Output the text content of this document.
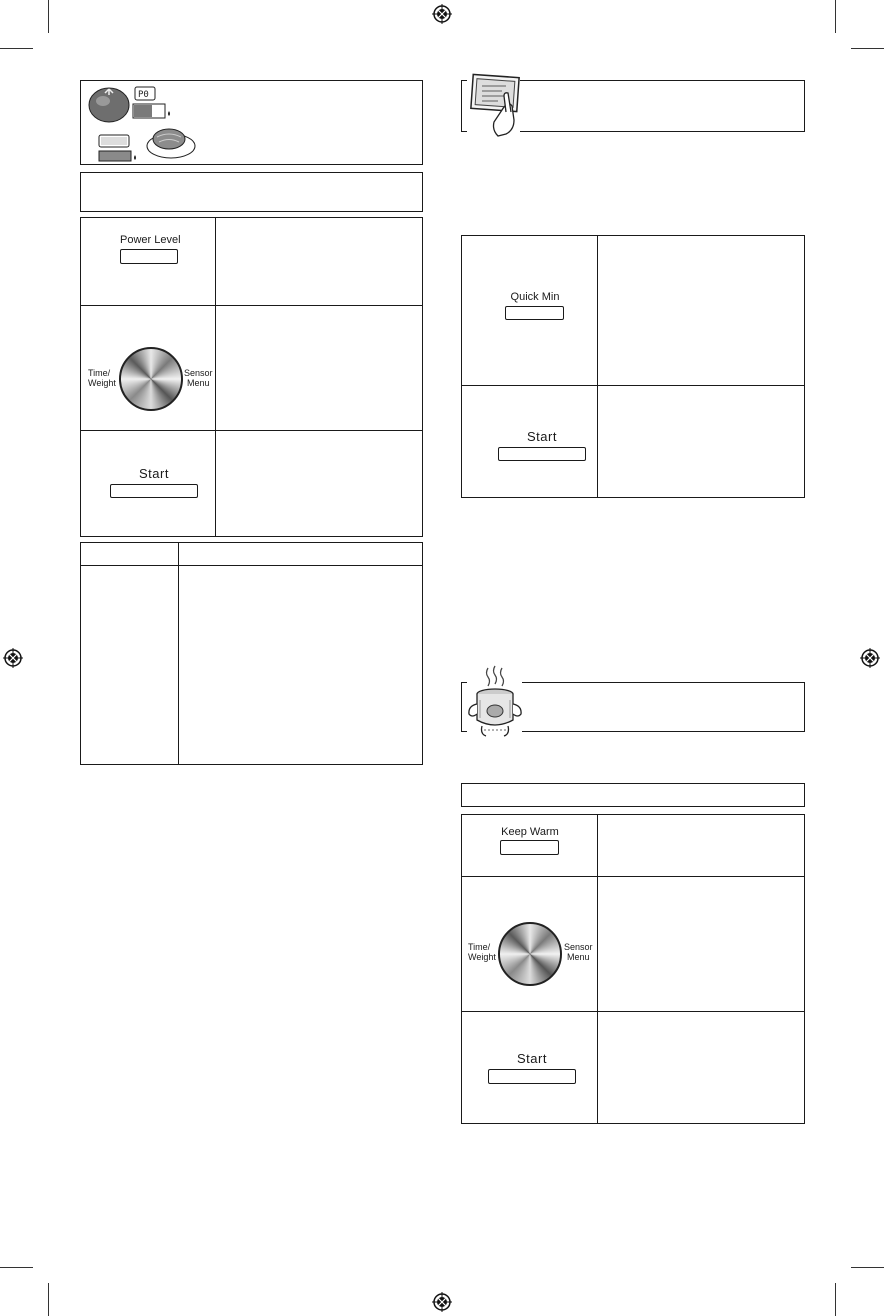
P0
Power Level
Time/
Weight
Sensor
Menu
Start
Quick Min
Start
Keep Warm
Time/
Weight
Sensor
Menu
Start
